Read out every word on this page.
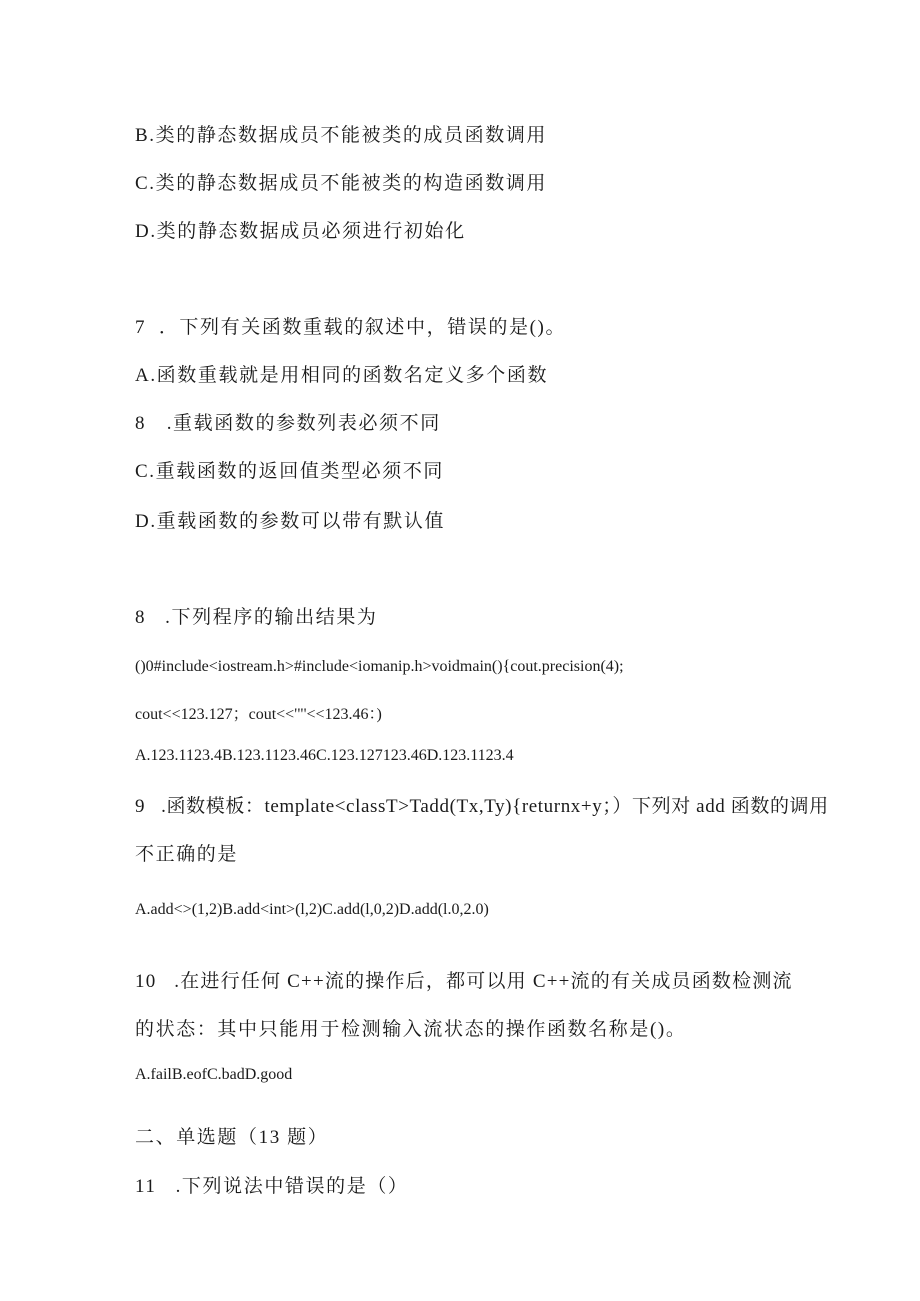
B.类的静态数据成员不能被类的成员函数调用
C.类的静态数据成员不能被类的构造函数调用
D.类的静态数据成员必须进行初始化
7 ．下列有关函数重载的叙述中，错误的是()。
A.函数重载就是用相同的函数名定义多个函数
8　.重载函数的参数列表必须不同
C.重载函数的返回值类型必须不同
D.重载函数的参数可以带有默认值
8 .下列程序的输出结果为
()0#include<iostream.h>#include<iomanip.h>voidmain(){cout.precision(4);
cout<<123.127；cout<<'"'<<123.46：)
A.123.1123.4B.123.1123.46C.123.127123.46D.123.1123.4
9 .函数模板：template<classT>Tadd(Tx,Ty){returnx+y；）下列对 add 函数的调用
不正确的是
A.add<>(1,2)B.add<int>(l,2)C.add(l,0,2)D.add(l.0,2.0)
10 .在进行任何 C++流的操作后，都可以用 C++流的有关成员函数检测流
的状态：其中只能用于检测输入流状态的操作函数名称是()。
A.failB.eofC.badD.good
二、单选题（13 题）
11 .下列说法中错误的是（）
